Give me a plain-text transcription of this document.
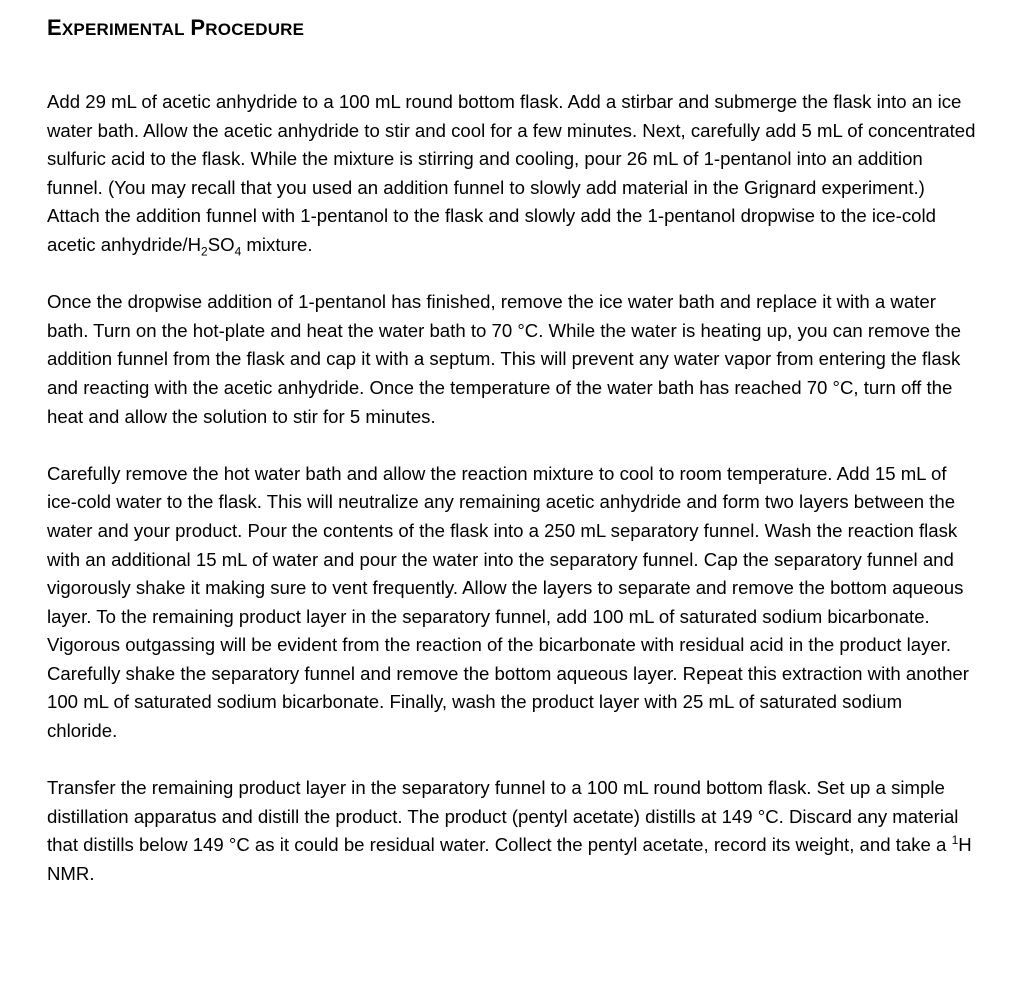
EXPERIMENTAL PROCEDURE

Add 29 mL of acetic anhydride to a 100 mL round bottom flask. Add a stirbar and submerge the flask into an ice water bath. Allow the acetic anhydride to stir and cool for a few minutes. Next, carefully add 5 mL of concentrated sulfuric acid to the flask. While the mixture is stirring and cooling, pour 26 mL of 1-pentanol into an addition funnel. (You may recall that you used an addition funnel to slowly add material in the Grignard experiment.) Attach the addition funnel with 1-pentanol to the flask and slowly add the 1-pentanol dropwise to the ice-cold acetic anhydride/$H_2SO_4$ mixture.

Once the dropwise addition of 1-pentanol has finished, remove the ice water bath and replace it with a water bath. Turn on the hot-plate and heat the water bath to 70 °C. While the water is heating up, you can remove the addition funnel from the flask and cap it with a septum. This will prevent any water vapor from entering the flask and reacting with the acetic anhydride. Once the temperature of the water bath has reached 70 °C, turn off the heat and allow the solution to stir for 5 minutes.

Carefully remove the hot water bath and allow the reaction mixture to cool to room temperature. Add 15 mL of ice-cold water to the flask. This will neutralize any remaining acetic anhydride and form two layers between the water and your product. Pour the contents of the flask into a 250 mL separatory funnel. Wash the reaction flask with an additional 15 mL of water and pour the water into the separatory funnel. Cap the separatory funnel and vigorously shake it making sure to vent frequently. Allow the layers to separate and remove the bottom aqueous layer. To the remaining product layer in the separatory funnel, add 100 mL of saturated sodium bicarbonate. Vigorous outgassing will be evident from the reaction of the bicarbonate with residual acid in the product layer. Carefully shake the separatory funnel and remove the bottom aqueous layer. Repeat this extraction with another 100 mL of saturated sodium bicarbonate. Finally, wash the product layer with 25 mL of saturated sodium chloride.

Transfer the remaining product layer in the separatory funnel to a 100 mL round bottom flask. Set up a simple distillation apparatus and distill the product. The product (pentyl acetate) distills at 149 °C. Discard any material that distills below 149 °C as it could be residual water. Collect the pentyl acetate, record its weight, and take a $^1$H NMR.
